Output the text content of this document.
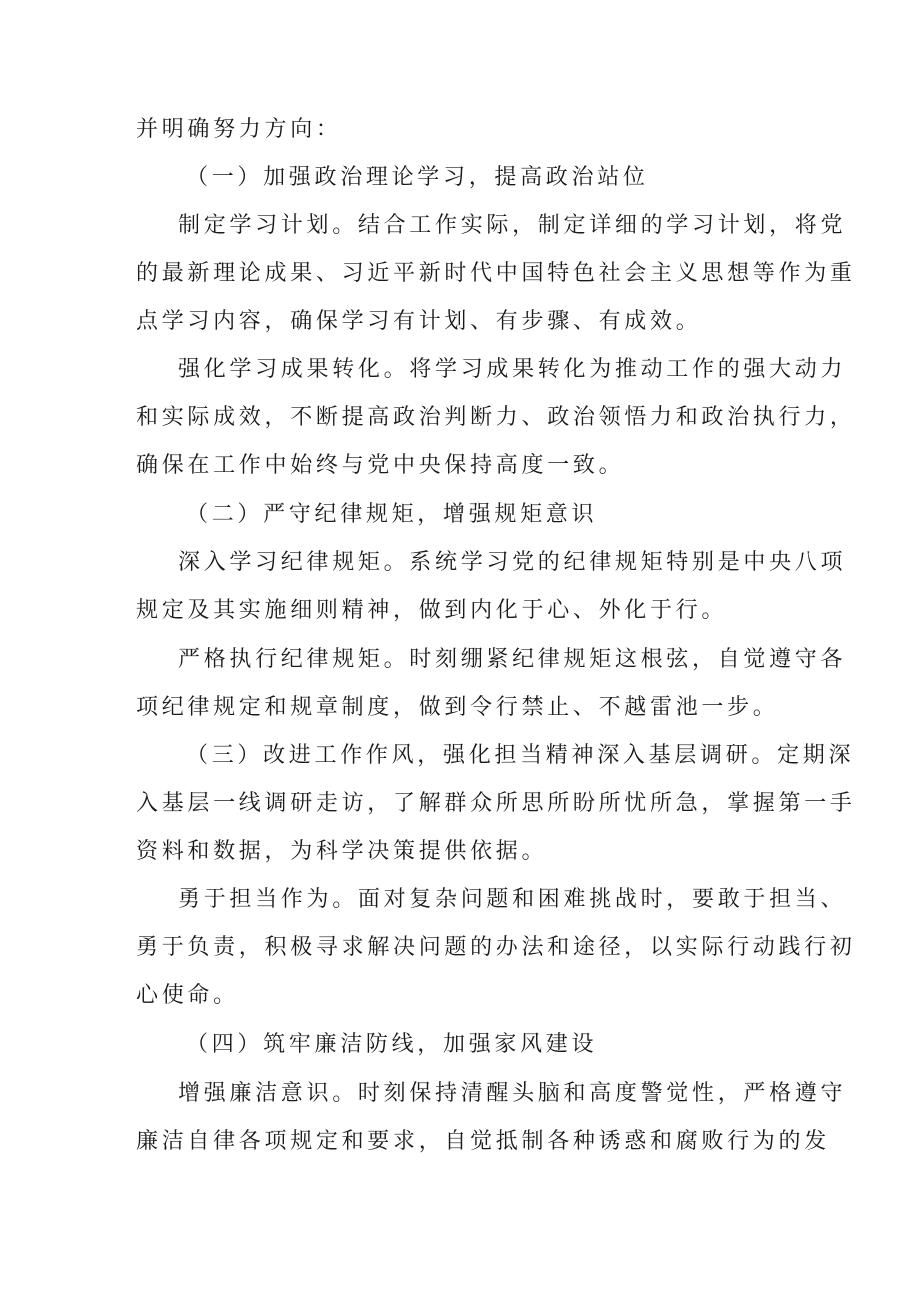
并明确努力方向：
（一）加强政治理论学习，提高政治站位
制定学习计划。结合工作实际，制定详细的学习计划，将党
的最新理论成果、习近平新时代中国特色社会主义思想等作为重
点学习内容，确保学习有计划、有步骤、有成效。
强化学习成果转化。将学习成果转化为推动工作的强大动力
和实际成效，不断提高政治判断力、政治领悟力和政治执行力，
确保在工作中始终与党中央保持高度一致。
（二）严守纪律规矩，增强规矩意识
深入学习纪律规矩。系统学习党的纪律规矩特别是中央八项
规定及其实施细则精神，做到内化于心、外化于行。
严格执行纪律规矩。时刻绷紧纪律规矩这根弦，自觉遵守各
项纪律规定和规章制度，做到令行禁止、不越雷池一步。
（三）改进工作作风，强化担当精神深入基层调研。定期深
入基层一线调研走访，了解群众所思所盼所忧所急，掌握第一手
资料和数据，为科学决策提供依据。
勇于担当作为。面对复杂问题和困难挑战时，要敢于担当、
勇于负责，积极寻求解决问题的办法和途径，以实际行动践行初
心使命。
（四）筑牢廉洁防线，加强家风建设
增强廉洁意识。时刻保持清醒头脑和高度警觉性，严格遵守
廉洁自律各项规定和要求，自觉抵制各种诱惑和腐败行为的发
